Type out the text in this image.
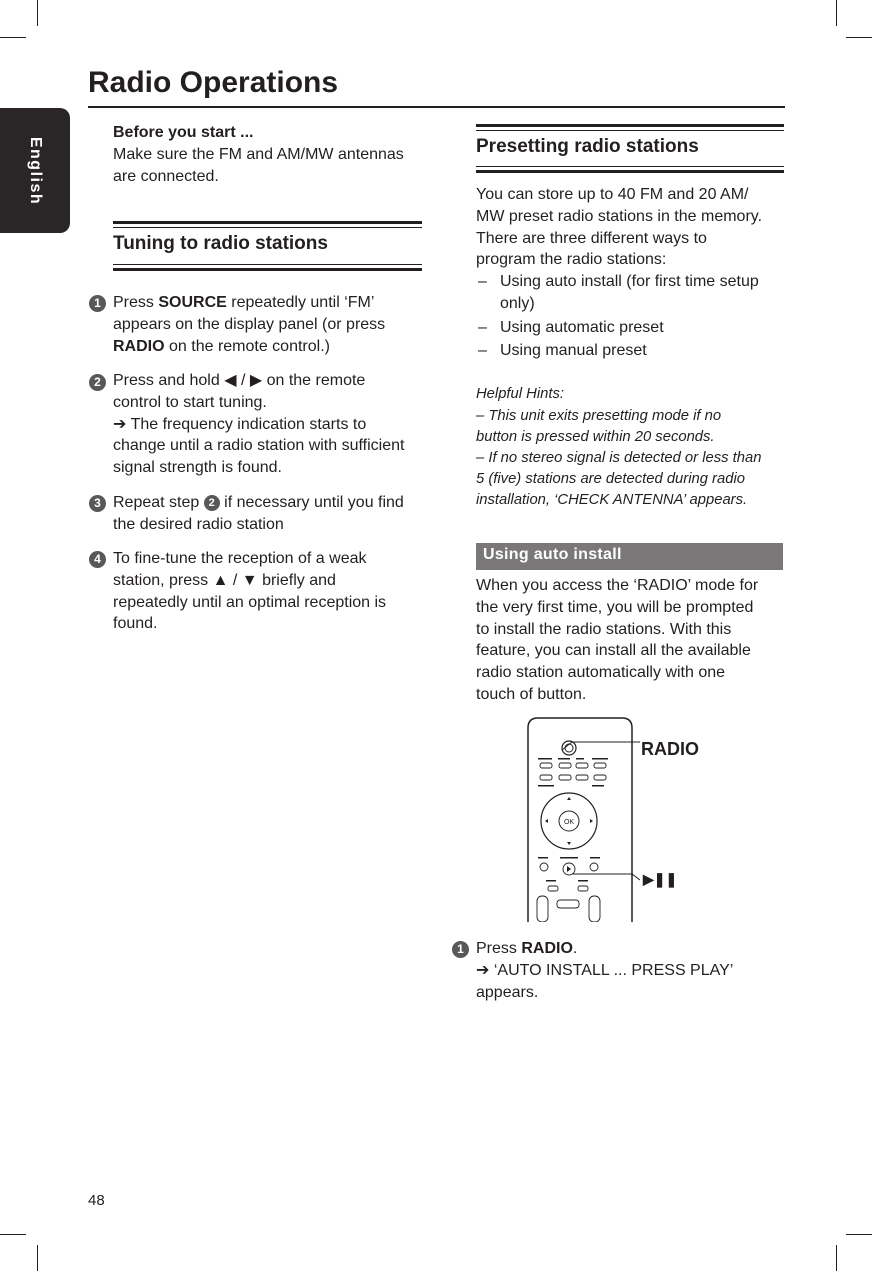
English
Radio Operations
Before you start ...
Make sure the FM and AM/MW antennas
are connected.
Tuning to radio stations
1 Press SOURCE repeatedly until ‘FM’
appears on the display panel (or press
RADIO on the remote control.)
2 Press and hold ◀ / ▶ on the remote
control to start tuning.
➔ The frequency indication starts to
change until a radio station with sufficient
signal strength is found.
3 Repeat step 2 if necessary until you find
the desired radio station
4 To fine-tune the reception of a weak
station, press ▲ / ▼ briefly and
repeatedly until an optimal reception is
found.
Presetting radio stations
You can store up to 40 FM and 20 AM/
MW preset radio stations in the memory.
There are three different ways to
program the radio stations:
– Using auto install (for first time setup
only)
– Using automatic preset
– Using manual preset
Helpful Hints:
– This unit exits presetting mode if no
button is pressed within 20 seconds.
– If no stereo signal is detected or less than
5 (five) stations are detected during radio
installation, ‘CHECK ANTENNA’ appears.
Using auto install
When you access the ‘RADIO’ mode for
the very first time, you will be prompted
to install the radio stations. With this
feature, you can install all the available
radio station automatically with one
touch of button.
OK
RADIO
▶❚❚
1 Press RADIO.
➔ ‘AUTO INSTALL ... PRESS PLAY’
appears.
48
